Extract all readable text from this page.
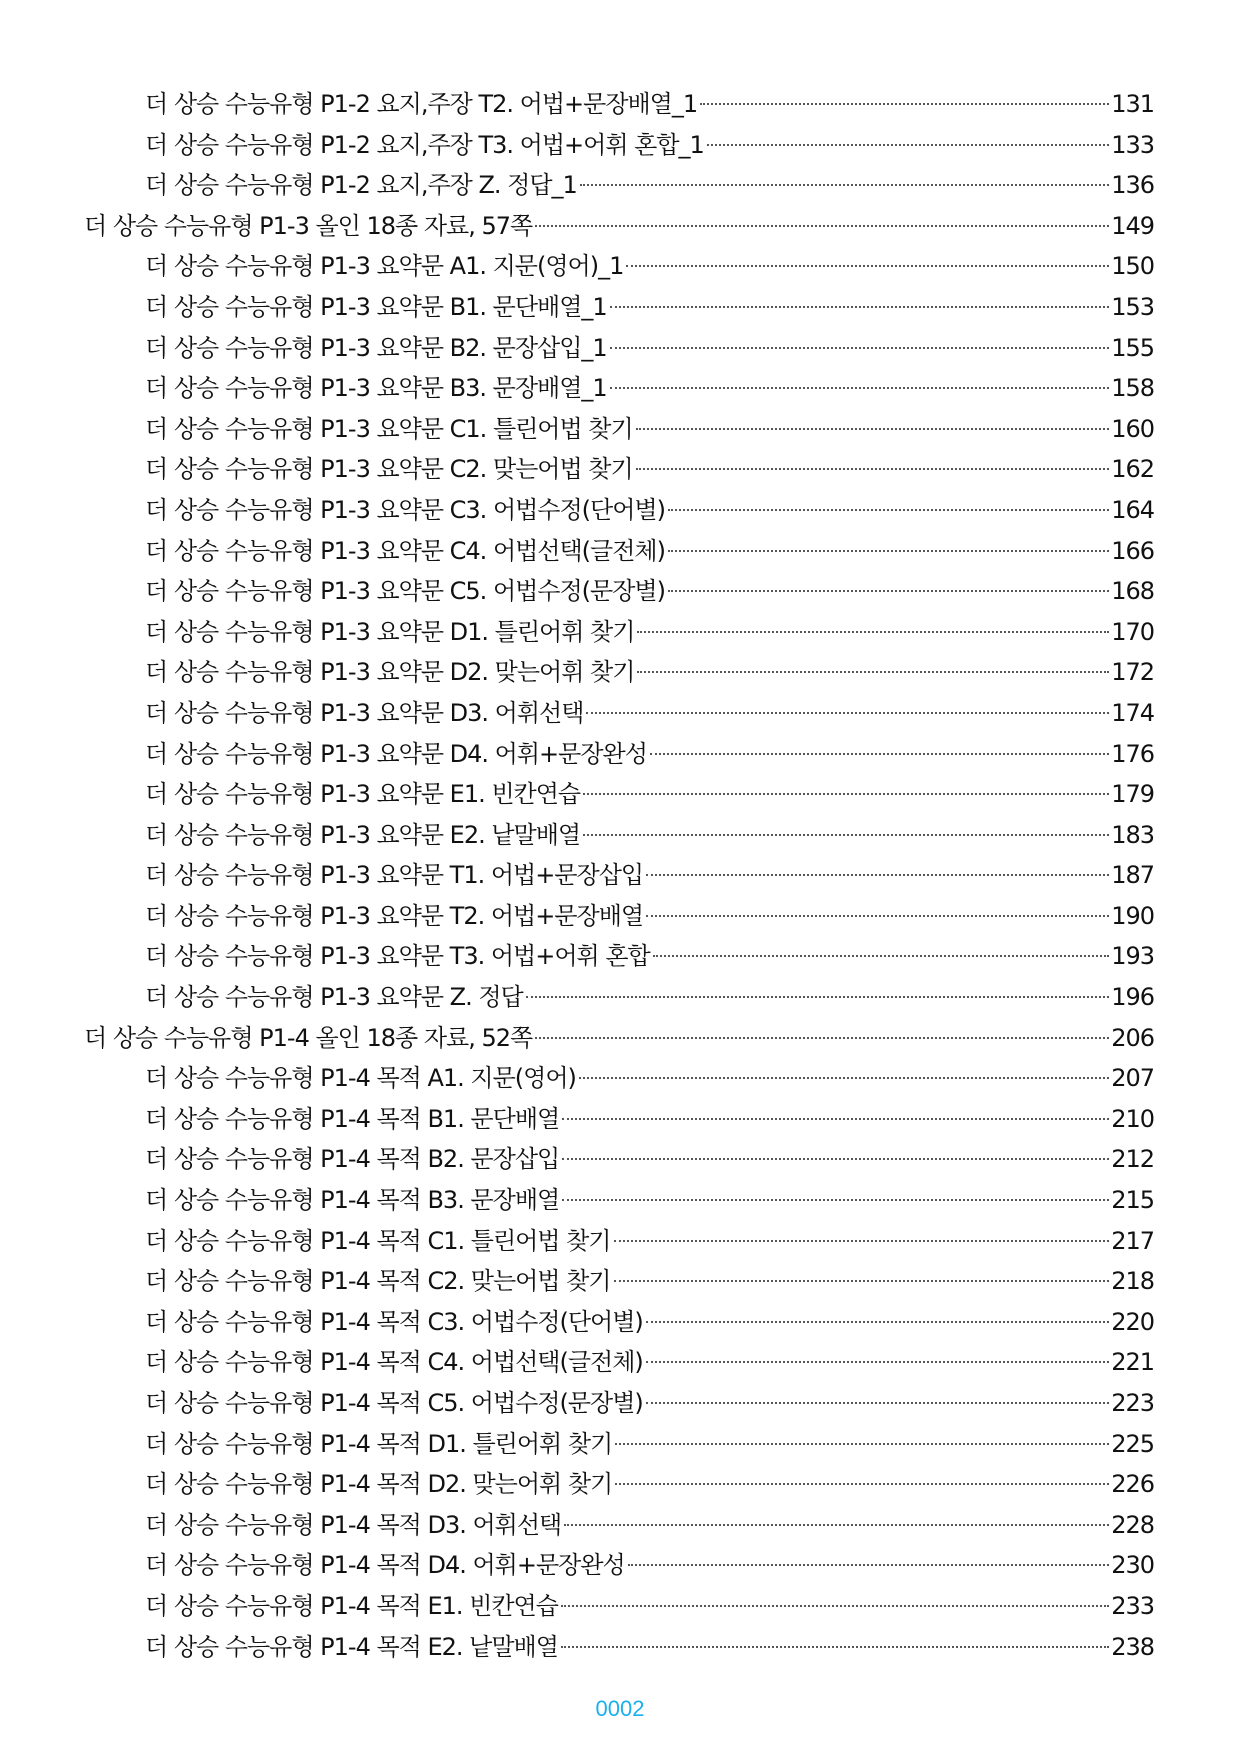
더 상승 수능유형 P1-2 요지,주장 T2. 어법+문장배열_1	131
더 상승 수능유형 P1-2 요지,주장 T3. 어법+어휘 혼합_1	133
더 상승 수능유형 P1-2 요지,주장 Z. 정답_1	136
더 상승 수능유형 P1-3 올인 18종 자료, 57쪽	149
더 상승 수능유형 P1-3 요약문 A1. 지문(영어)_1	150
더 상승 수능유형 P1-3 요약문 B1. 문단배열_1	153
더 상승 수능유형 P1-3 요약문 B2. 문장삽입_1	155
더 상승 수능유형 P1-3 요약문 B3. 문장배열_1	158
더 상승 수능유형 P1-3 요약문 C1. 틀린어법 찾기	160
더 상승 수능유형 P1-3 요약문 C2. 맞는어법 찾기	162
더 상승 수능유형 P1-3 요약문 C3. 어법수정(단어별)	164
더 상승 수능유형 P1-3 요약문 C4. 어법선택(글전체)	166
더 상승 수능유형 P1-3 요약문 C5. 어법수정(문장별)	168
더 상승 수능유형 P1-3 요약문 D1. 틀린어휘 찾기	170
더 상승 수능유형 P1-3 요약문 D2. 맞는어휘 찾기	172
더 상승 수능유형 P1-3 요약문 D3. 어휘선택	174
더 상승 수능유형 P1-3 요약문 D4. 어휘+문장완성	176
더 상승 수능유형 P1-3 요약문 E1. 빈칸연습	179
더 상승 수능유형 P1-3 요약문 E2. 낱말배열	183
더 상승 수능유형 P1-3 요약문 T1. 어법+문장삽입	187
더 상승 수능유형 P1-3 요약문 T2. 어법+문장배열	190
더 상승 수능유형 P1-3 요약문 T3. 어법+어휘 혼합	193
더 상승 수능유형 P1-3 요약문 Z. 정답	196
더 상승 수능유형 P1-4 올인 18종 자료, 52쪽	206
더 상승 수능유형 P1-4 목적 A1. 지문(영어)	207
더 상승 수능유형 P1-4 목적 B1. 문단배열	210
더 상승 수능유형 P1-4 목적 B2. 문장삽입	212
더 상승 수능유형 P1-4 목적 B3. 문장배열	215
더 상승 수능유형 P1-4 목적 C1. 틀린어법 찾기	217
더 상승 수능유형 P1-4 목적 C2. 맞는어법 찾기	218
더 상승 수능유형 P1-4 목적 C3. 어법수정(단어별)	220
더 상승 수능유형 P1-4 목적 C4. 어법선택(글전체)	221
더 상승 수능유형 P1-4 목적 C5. 어법수정(문장별)	223
더 상승 수능유형 P1-4 목적 D1. 틀린어휘 찾기	225
더 상승 수능유형 P1-4 목적 D2. 맞는어휘 찾기	226
더 상승 수능유형 P1-4 목적 D3. 어휘선택	228
더 상승 수능유형 P1-4 목적 D4. 어휘+문장완성	230
더 상승 수능유형 P1-4 목적 E1. 빈칸연습	233
더 상승 수능유형 P1-4 목적 E2. 낱말배열	238
0002
